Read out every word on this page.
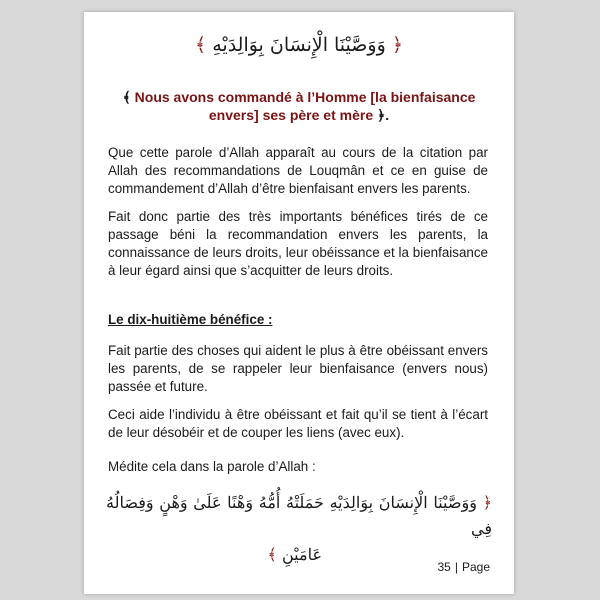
﴿ وَوَصَّيْنَا الْإِنسَانَ بِوَالِدَيْهِ ﴾
﴾ Nous avons commandé à l’Homme [la bienfaisance envers] ses père et mère ﴿.
Que cette parole d’Allah apparaît au cours de la citation par Allah des recommandations de Louqmân et ce en guise de commandement d’Allah d’être bienfaisant envers les parents.
Fait donc partie des très importants bénéfices tirés de ce passage béni la recommandation envers les parents, la connaissance de leurs droits, leur obéissance et la bienfaisance à leur égard ainsi que s’acquitter de leurs droits.
Le dix-huitième bénéfice :
Fait partie des choses qui aident le plus à être obéissant envers les parents, de se rappeler leur bienfaisance (envers nous) passée et future.
Ceci aide l’individu à être obéissant et fait qu’il se tient à l’écart de leur désobéir et de couper les liens (avec eux).
Médite cela dans la parole d’Allah :
﴿ وَوَصَّيْنَا الْإِنسَانَ بِوَالِدَيْهِ حَمَلَتْهُ أُمُّهُ وَهْنًا عَلَىٰ وَهْنٍ وَفِصَالُهُ فِي
عَامَيْنِ ﴾
35 | Page
